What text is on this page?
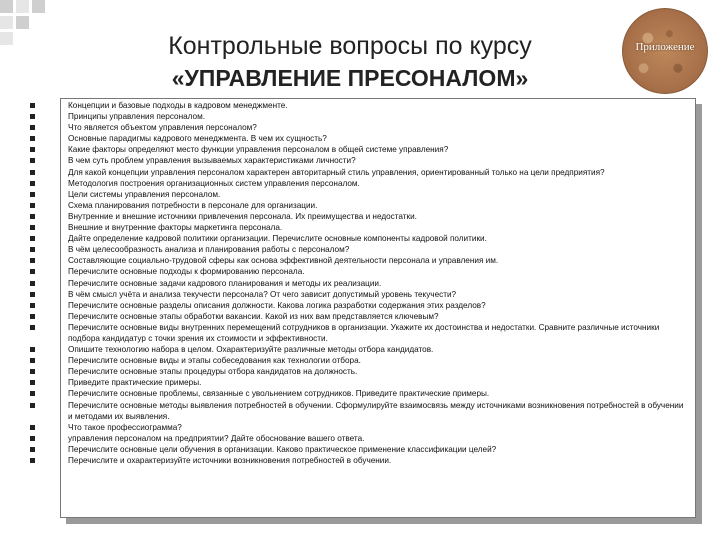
Контрольные вопросы по курсу
«УПРАВЛЕНИЕ ПРЕСОНАЛОМ»
Приложение
Концепции и базовые подходы в кадровом менеджменте.
Принципы управления персоналом.
Что является объектом управления персоналом?
Основные парадигмы кадрового менеджмента. В чем их сущность?
Какие факторы определяют место функции управления персоналом в общей системе управления?
В чем суть проблем управления вызываемых характеристиками личности?
Для какой концепции управления персоналом характерен авторитарный стиль управления, ориентированный только на цели предприятия?
Методология построения организационных систем управления персоналом.
Цели системы управления персоналом.
Схема планирования потребности в персонале для организации.
Внутренние и внешние источники привлечения персонала. Их преимущества и недостатки.
Внешние и внутренние факторы маркетинга персонала.
Дайте определение кадровой политики организации. Перечислите основные компоненты кадровой политики.
В чём целесообразность анализа и планирования работы с персоналом?
Составляющие социально-трудовой сферы как основа эффективной деятельности персонала и управления им.
Перечислите основные подходы к формированию персонала.
Перечислите основные задачи кадрового планирования и методы их реализации.
В чём смысл учёта и анализа текучести персонала? От чего зависит допустимый уровень текучести?
Перечислите основные разделы описания должности. Какова логика разработки содержания этих разделов?
Перечислите основные этапы обработки вакансии. Какой из них вам представляется ключевым?
Перечислите основные виды внутренних перемещений сотрудников в организации. Укажите их достоинства и недостатки. Сравните различные источники подбора кандидатур с точки зрения их стоимости и эффективности.
Опишите технологию набора в целом. Охарактеризуйте различные методы отбора кандидатов.
Перечислите основные виды и этапы собеседования как технологии отбора.
Перечислите основные этапы процедуры отбора кандидатов на должность.
Приведите практические примеры.
Перечислите основные проблемы, связанные с увольнением сотрудников. Приведите практические примеры.
Перечислите основные методы выявления потребностей в обучении. Сформулируйте взаимосвязь между источниками возникновения потребностей в обучении и методами их выявления.
Что такое профессиограмма?
управления персоналом на предприятии? Дайте обоснование вашего ответа.
Перечислите основные цели обучения в организации. Каково практическое применение классификации целей?
Перечислите и охарактеризуйте источники возникновения потребностей в обучении.
